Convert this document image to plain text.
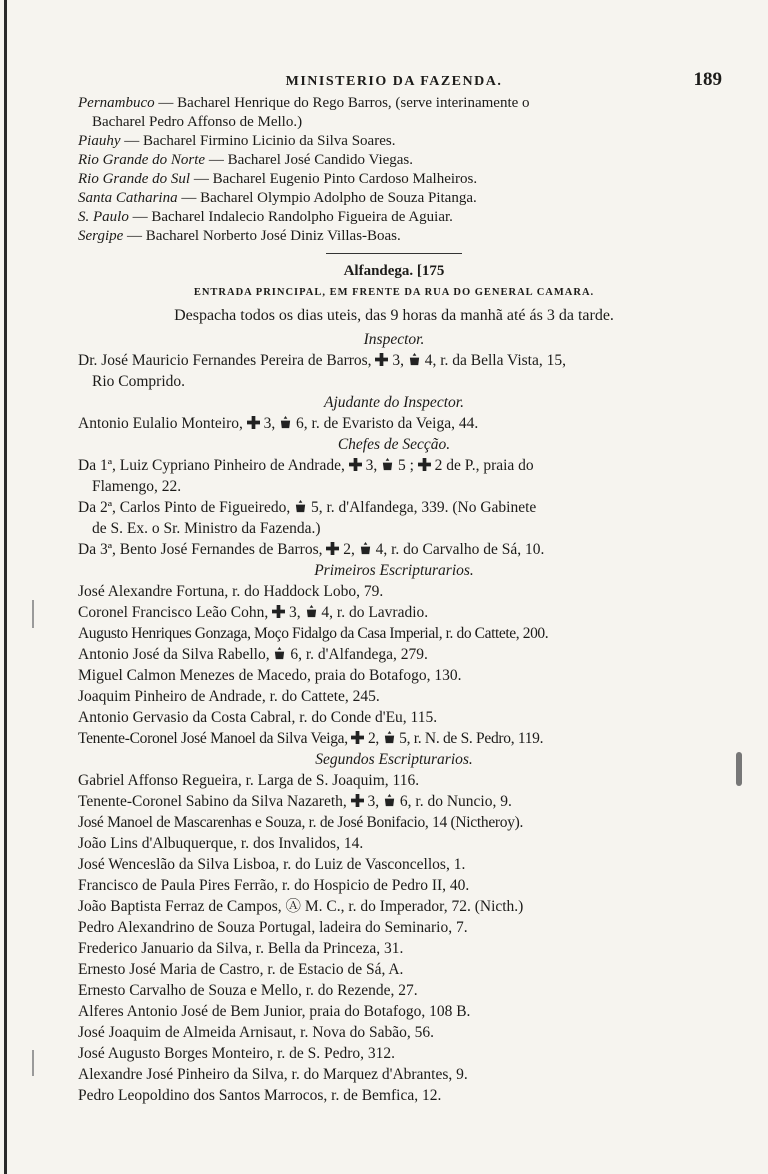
MINISTERIO DA FAZENDA.	189
Pernambuco — Bacharel Henrique do Rego Barros, (serve interinamente o
Bacharel Pedro Affonso de Mello.)
Piauhy — Bacharel Firmino Licinio da Silva Soares.
Rio Grande do Norte — Bacharel José Candido Viegas.
Rio Grande do Sul — Bacharel Eugenio Pinto Cardoso Malheiros.
Santa Catharina — Bacharel Olympio Adolpho de Souza Pitanga.
S. Paulo — Bacharel Indalecio Randolpho Figueira de Aguiar.
Sergipe — Bacharel Norberto José Diniz Villas-Boas.
Alfandega. [175
ENTRADA PRINCIPAL, EM FRENTE DA RUA DO GENERAL CAMARA.
Despacha todos os dias uteis, das 9 horas da manhã até ás 3 da tarde.
Inspector.
Dr. José Mauricio Fernandes Pereira de Barros,  3,  4, r. da Bella Vista, 15,
Rio Comprido.
Ajudante do Inspector.
Antonio Eulalio Monteiro,  3,  6, r. de Evaristo da Veiga, 44.
Chefes de Secção.
Da 1ª, Luiz Cypriano Pinheiro de Andrade,  3,  5 ;  2 de P., praia do
Flamengo, 22.
Da 2ª, Carlos Pinto de Figueiredo,  5, r. d'Alfandega, 339. (No Gabinete
de S. Ex. o Sr. Ministro da Fazenda.)
Da 3ª, Bento José Fernandes de Barros,  2,  4, r. do Carvalho de Sá, 10.
Primeiros Escripturarios.
José Alexandre Fortuna, r. do Haddock Lobo, 79.
Coronel Francisco Leão Cohn,  3,  4, r. do Lavradio.
Augusto Henriques Gonzaga, Moço Fidalgo da Casa Imperial, r. do Cattete, 200.
Antonio José da Silva Rabello,  6, r. d'Alfandega, 279.
Miguel Calmon Menezes de Macedo, praia do Botafogo, 130.
Joaquim Pinheiro de Andrade, r. do Cattete, 245.
Antonio Gervasio da Costa Cabral, r. do Conde d'Eu, 115.
Tenente-Coronel José Manoel da Silva Veiga,  2,  5, r. N. de S. Pedro, 119.
Segundos Escripturarios.
Gabriel Affonso Regueira, r. Larga de S. Joaquim, 116.
Tenente-Coronel Sabino da Silva Nazareth,  3,  6, r. do Nuncio, 9.
José Manoel de Mascarenhas e Souza, r. de José Bonifacio, 14 (Nictheroy).
João Lins d'Albuquerque, r. dos Invalidos, 14.
José Wenceslão da Silva Lisboa, r. do Luiz de Vasconcellos, 1.
Francisco de Paula Pires Ferrão, r. do Hospicio de Pedro II, 40.
João Baptista Ferraz de Campos, Ⓐ M. C., r. do Imperador, 72. (Nicth.)
Pedro Alexandrino de Souza Portugal, ladeira do Seminario, 7.
Frederico Januario da Silva, r. Bella da Princeza, 31.
Ernesto José Maria de Castro, r. de Estacio de Sá, A.
Ernesto Carvalho de Souza e Mello, r. do Rezende, 27.
Alferes Antonio José de Bem Junior, praia do Botafogo, 108 B.
José Joaquim de Almeida Arnisaut, r. Nova do Sabão, 56.
José Augusto Borges Monteiro, r. de S. Pedro, 312.
Alexandre José Pinheiro da Silva, r. do Marquez d'Abrantes, 9.
Pedro Leopoldino dos Santos Marrocos, r. de Bemfica, 12.
